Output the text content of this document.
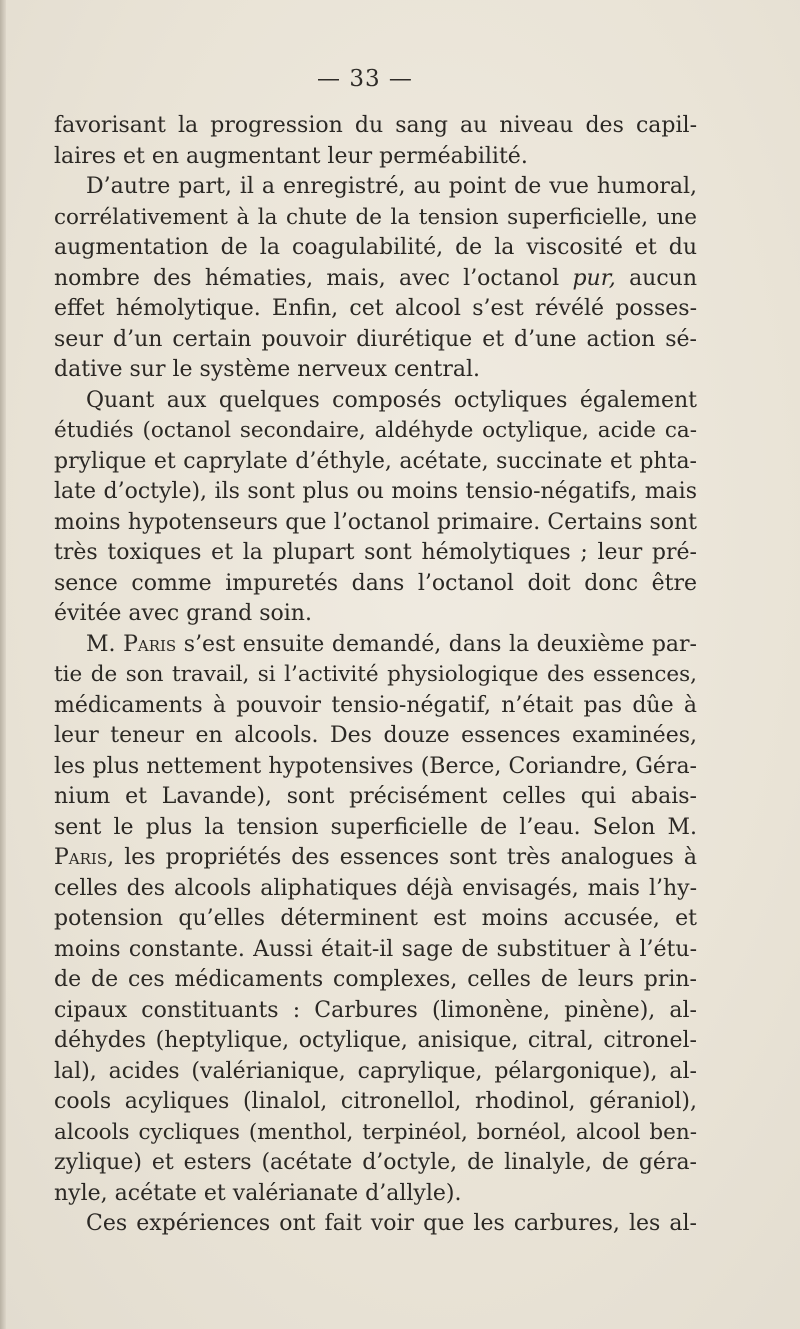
— 33 —
favorisant la progression du sang au niveau des capil-
laires et en augmentant leur perméabilité.
D’autre part, il a enregistré, au point de vue humoral,
corrélativement à la chute de la tension superficielle, une
augmentation de la coagulabilité, de la viscosité et du
nombre des hématies, mais, avec l’octanol pur, aucun
effet hémolytique. Enfin, cet alcool s’est révélé posses-
seur d’un certain pouvoir diurétique et d’une action sé-
dative sur le système nerveux central.
Quant aux quelques composés octyliques également
étudiés (octanol secondaire, aldéhyde octylique, acide ca-
prylique et caprylate d’éthyle, acétate, succinate et phta-
late d’octyle), ils sont plus ou moins tensio-négatifs, mais
moins hypotenseurs que l’octanol primaire. Certains sont
très toxiques et la plupart sont hémolytiques ; leur pré-
sence comme impuretés dans l’octanol doit donc être
évitée avec grand soin.
M. Paris s’est ensuite demandé, dans la deuxième par-
tie de son travail, si l’activité physiologique des essences,
médicaments à pouvoir tensio-négatif, n’était pas dûe à
leur teneur en alcools. Des douze essences examinées,
les plus nettement hypotensives (Berce, Coriandre, Géra-
nium et Lavande), sont précisément celles qui abais-
sent le plus la tension superficielle de l’eau. Selon M.
Paris, les propriétés des essences sont très analogues à
celles des alcools aliphatiques déjà envisagés, mais l’hy-
potension qu’elles déterminent est moins accusée, et
moins constante. Aussi était-il sage de substituer à l’étu-
de de ces médicaments complexes, celles de leurs prin-
cipaux constituants : Carbures (limonène, pinène), al-
déhydes (heptylique, octylique, anisique, citral, citronel-
lal), acides (valérianique, caprylique, pélargonique), al-
cools acyliques (linalol, citronellol, rhodinol, géraniol),
alcools cycliques (menthol, terpinéol, bornéol, alcool ben-
zylique) et esters (acétate d’octyle, de linalyle, de géra-
nyle, acétate et valérianate d’allyle).
Ces expériences ont fait voir que les carbures, les al-
